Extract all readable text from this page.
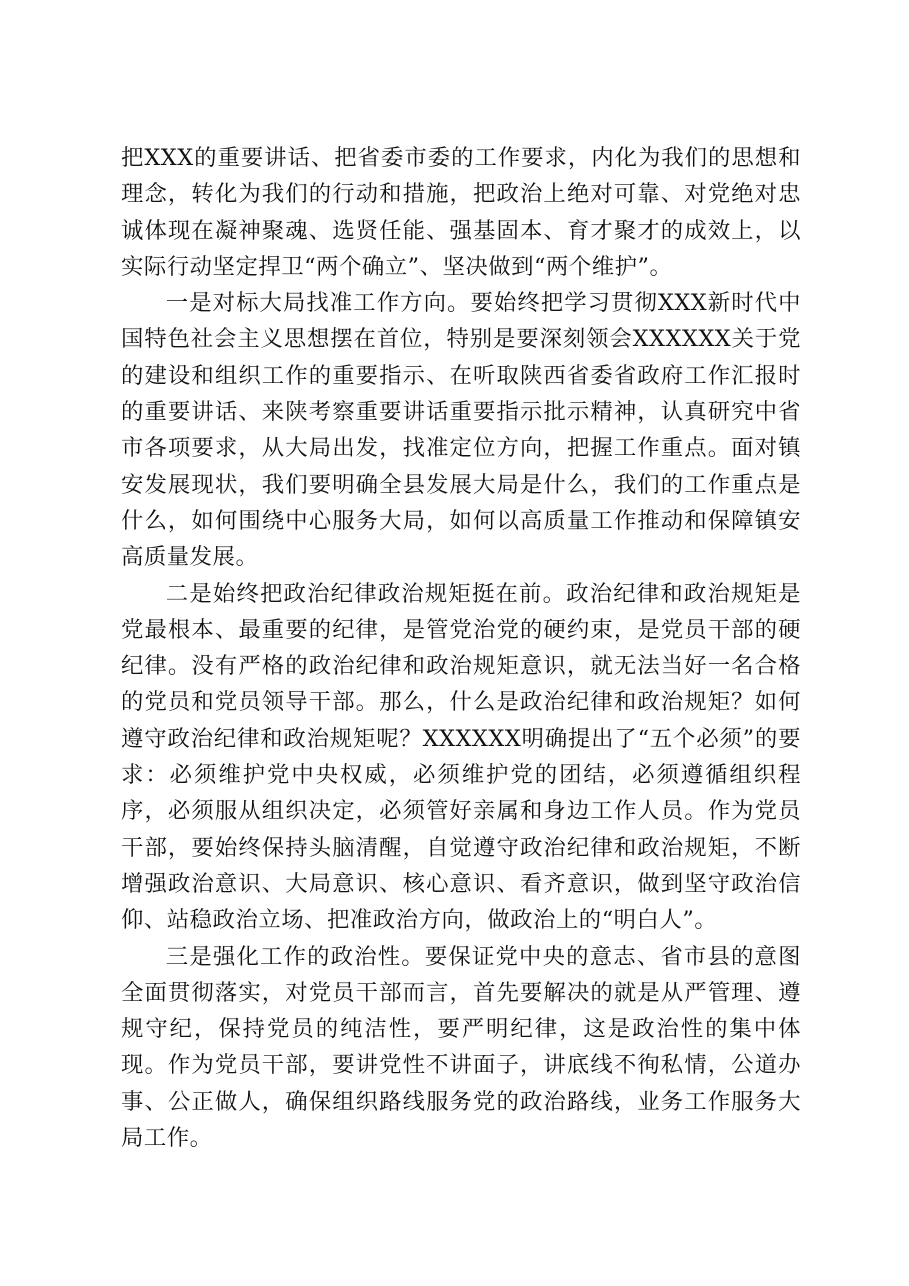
把XXX的重要讲话、把省委市委的工作要求，内化为我们的思想和理念，转化为我们的行动和措施，把政治上绝对可靠、对党绝对忠诚体现在凝神聚魂、选贤任能、强基固本、育才聚才的成效上，以实际行动坚定捍卫“两个确立”、坚决做到“两个维护”。

一是对标大局找准工作方向。要始终把学习贯彻XXX新时代中国特色社会主义思想摆在首位，特别是要深刻领会XXXXXX关于党的建设和组织工作的重要指示、在听取陕西省委省政府工作汇报时的重要讲话、来陕考察重要讲话重要指示批示精神，认真研究中省市各项要求，从大局出发，找准定位方向，把握工作重点。面对镇安发展现状，我们要明确全县发展大局是什么，我们的工作重点是什么，如何围绕中心服务大局，如何以高质量工作推动和保障镇安高质量发展。

二是始终把政治纪律政治规矩挺在前。政治纪律和政治规矩是党最根本、最重要的纪律，是管党治党的硬约束，是党员干部的硬纪律。没有严格的政治纪律和政治规矩意识，就无法当好一名合格的党员和党员领导干部。那么，什么是政治纪律和政治规矩？如何遵守政治纪律和政治规矩呢？XXXXXX明确提出了“五个必须”的要求：必须维护党中央权威，必须维护党的团结，必须遵循组织程序，必须服从组织决定，必须管好亲属和身边工作人员。作为党员干部，要始终保持头脑清醒，自觉遵守政治纪律和政治规矩，不断增强政治意识、大局意识、核心意识、看齐意识，做到坚守政治信仰、站稳政治立场、把准政治方向，做政治上的“明白人”。

三是强化工作的政治性。要保证党中央的意志、省市县的意图全面贯彻落实，对党员干部而言，首先要解决的就是从严管理、遵规守纪，保持党员的纯洁性，要严明纪律，这是政治性的集中体现。作为党员干部，要讲党性不讲面子，讲底线不徇私情，公道办事、公正做人，确保组织路线服务党的政治路线，业务工作服务大局工作。
